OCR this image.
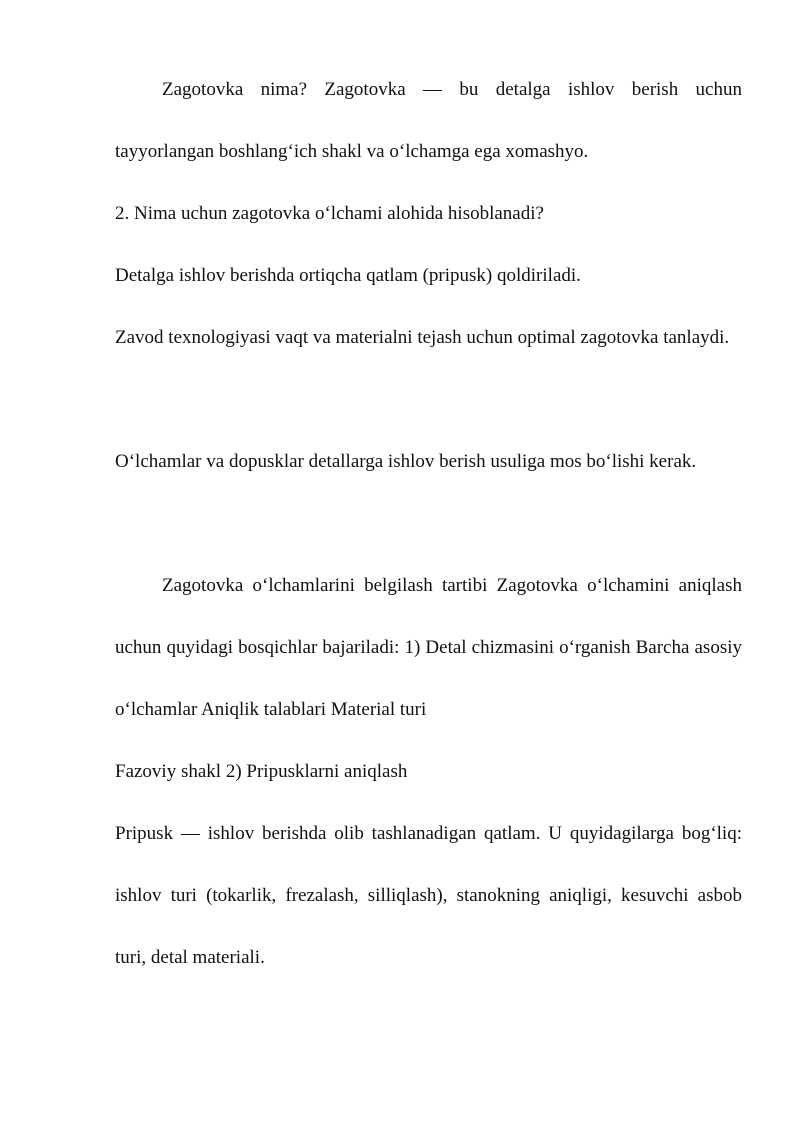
Zagotovka nima? Zagotovka — bu detalga ishlov berish uchun tayyorlangan boshlang‘ich shakl va o‘lchamga ega xomashyo.

2. Nima uchun zagotovka o‘lchami alohida hisoblanadi?

Detalga ishlov berishda ortiqcha qatlam (pripusk) qoldiriladi.

Zavod texnologiyasi vaqt va materialni tejash uchun optimal zagotovka tanlaydi.

O‘lchamlar va dopusklar detallarga ishlov berish usuliga mos bo‘lishi kerak.

Zagotovka o‘lchamlarini belgilash tartibi Zagotovka o‘lchamini aniqlash uchun quyidagi bosqichlar bajariladi: 1) Detal chizmasini o‘rganish Barcha asosiy o‘lchamlar Aniqlik talablari Material turi

Fazoviy shakl 2) Pripusklarni aniqlash

Pripusk — ishlov berishda olib tashlanadigan qatlam. U quyidagilarga bog‘liq: ishlov turi (tokarlik, frezalash, silliqlash), stanokning aniqligi, kesuvchi asbob turi, detal materiali.
